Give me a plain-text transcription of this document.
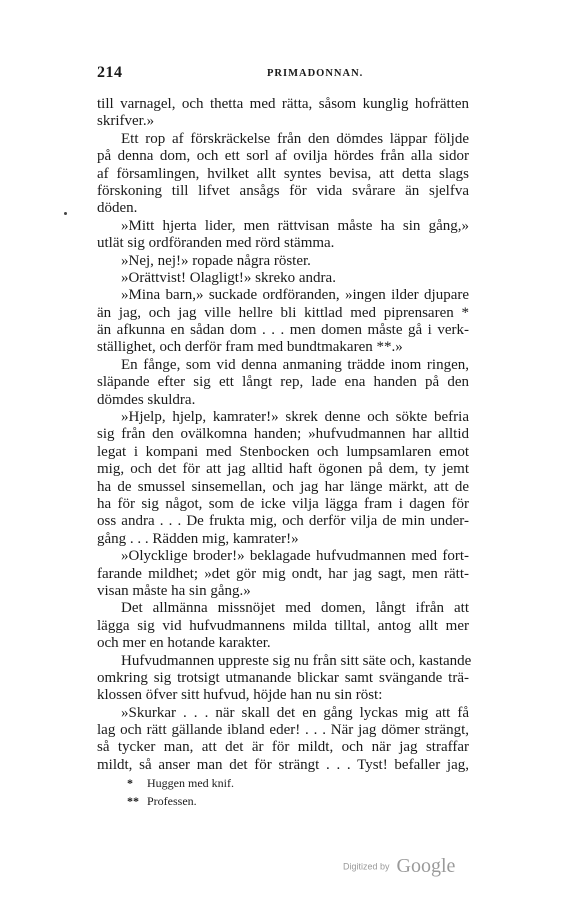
214	PRIMADONNAN.
till varnagel, och thetta med rätta, såsom kunglig hofrätten
skrifver.»
Ett rop af förskräckelse från den dömdes läppar följde
på denna dom, och ett sorl af ovilja hördes från alla sidor
af församlingen, hvilket allt syntes bevisa, att detta slags
förskoning till lifvet ansågs för vida svårare än sjelfva
döden.
»Mitt hjerta lider, men rättvisan måste ha sin gång,»
utlät sig ordföranden med rörd stämma.
»Nej, nej!» ropade några röster.
»Orättvist! Olagligt!» skreko andra.
»Mina barn,» suckade ordföranden, »ingen ilder djupare
än jag, och jag ville hellre bli kittlad med piprensaren *
än afkunna en sådan dom . . . men domen måste gå i verk-
ställighet, och derför fram med bundtmakaren **.»
En fånge, som vid denna anmaning trädde inom ringen,
släpande efter sig ett långt rep, lade ena handen på den
dömdes skuldra.
»Hjelp, hjelp, kamrater!» skrek denne och sökte befria
sig från den ovälkomna handen; »hufvudmannen har alltid
legat i kompani med Stenbocken och lumpsamlaren emot
mig, och det för att jag alltid haft ögonen på dem, ty jemt
ha de smussel sinsemellan, och jag har länge märkt, att de
ha för sig något, som de icke vilja lägga fram i dagen för
oss andra . . . De frukta mig, och derför vilja de min under-
gång . . . Rädden mig, kamrater!»
»Olycklige broder!» beklagade hufvudmannen med fort-
farande mildhet; »det gör mig ondt, har jag sagt, men rätt-
visan måste ha sin gång.»
Det allmänna missnöjet med domen, långt ifrån att
lägga sig vid hufvudmannens milda tilltal, antog allt mer
och mer en hotande karakter.
Hufvudmannen uppreste sig nu från sitt säte och, kastande
omkring sig trotsigt utmanande blickar samt svängande trä-
klossen öfver sitt hufvud, höjde han nu sin röst:
»Skurkar . . . när skall det en gång lyckas mig att få
lag och rätt gällande ibland eder! . . . När jag dömer strängt,
så tycker man, att det är för mildt, och när jag straffar
mildt, så anser man det för strängt . . . Tyst! befaller jag,
* Huggen med knif.
** Professen.
Digitized by Google
